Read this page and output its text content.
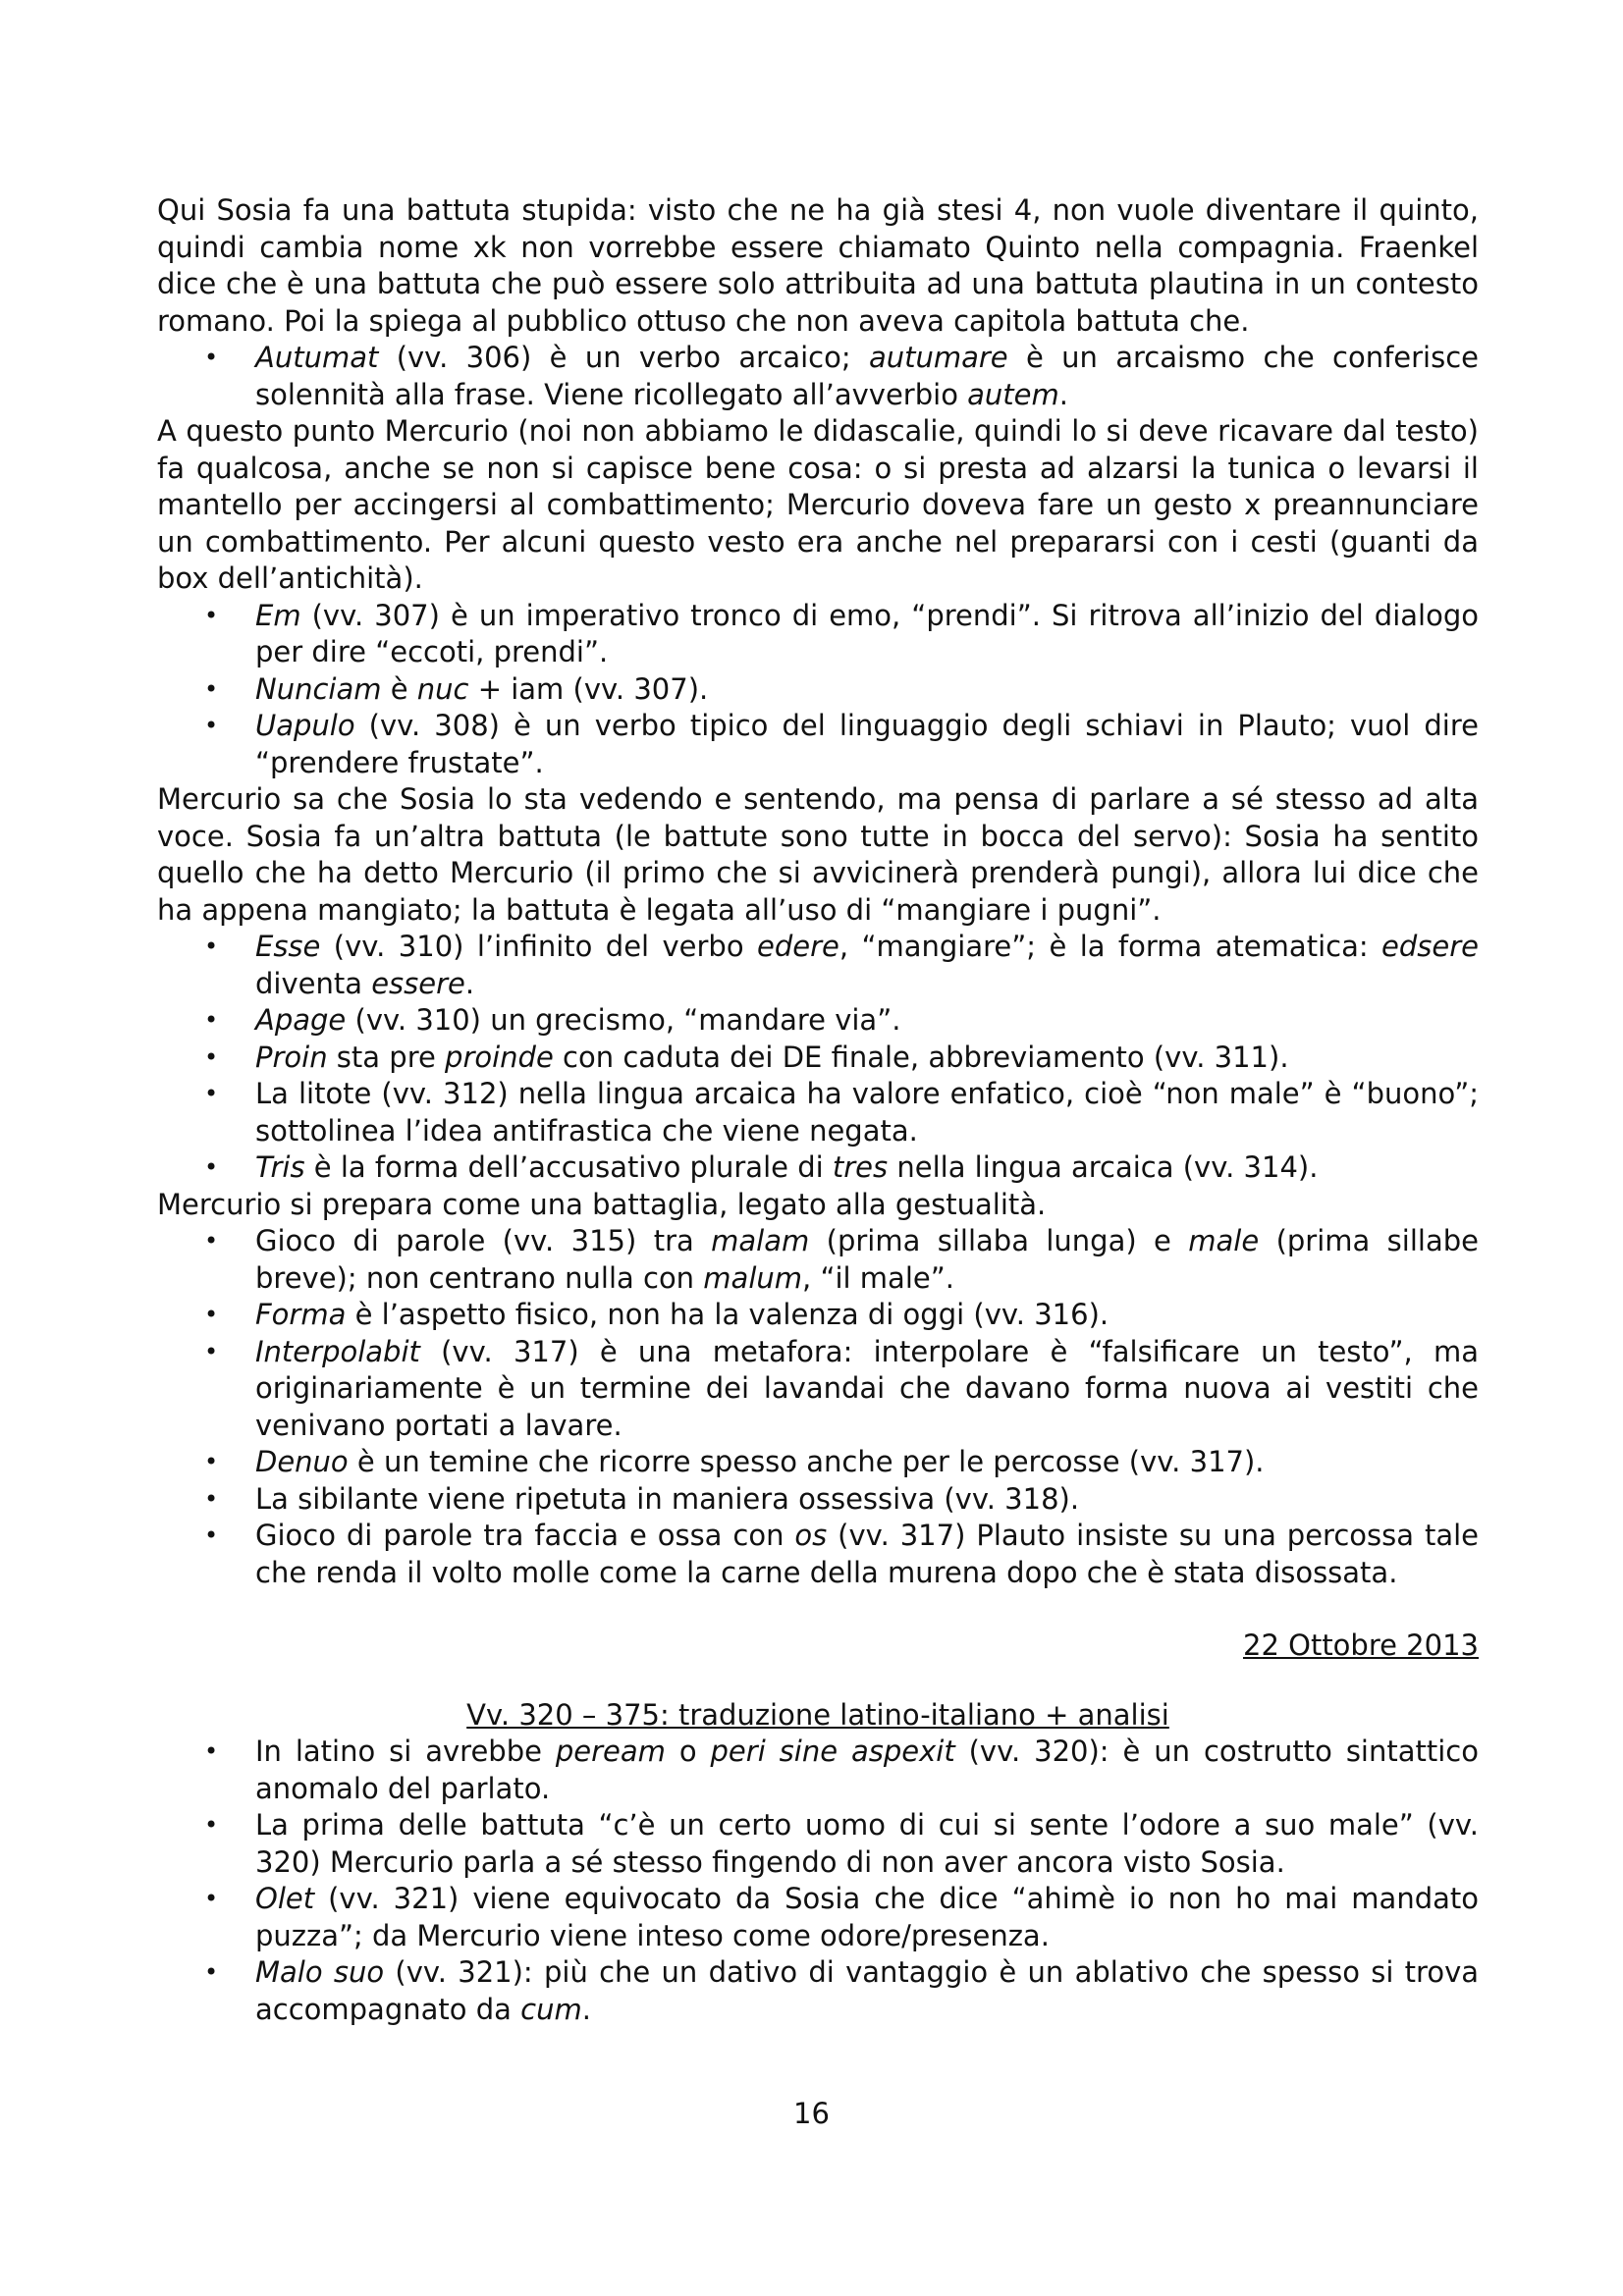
Qui Sosia fa una battuta stupida: visto che ne ha già stesi 4, non vuole diventare il quinto, quindi cambia nome xk non vorrebbe essere chiamato Quinto nella compagnia. Fraenkel dice che è una battuta che può essere solo attribuita ad una battuta plautina in un contesto romano. Poi la spiega al pubblico ottuso che non aveva capitola battuta che.

• Autumat (vv. 306) è un verbo arcaico; autumare è un arcaismo che conferisce solennità alla frase. Viene ricollegato all’avverbio autem.

A questo punto Mercurio (noi non abbiamo le didascalie, quindi lo si deve ricavare dal testo) fa qualcosa, anche se non si capisce bene cosa: o si presta ad alzarsi la tunica o levarsi il mantello per accingersi al combattimento; Mercurio doveva fare un gesto x preannunciare un combattimento. Per alcuni questo vesto era anche nel prepararsi con i cesti (guanti da box dell’antichità).

• Em (vv. 307) è un imperativo tronco di emo, “prendi”. Si ritrova all’inizio del dialogo per dire “eccoti, prendi”.
• Nunciam è nuc + iam (vv. 307).
• Uapulo (vv. 308) è un verbo tipico del linguaggio degli schiavi in Plauto; vuol dire “prendere frustate”.

Mercurio sa che Sosia lo sta vedendo e sentendo, ma pensa di parlare a sé stesso ad alta voce. Sosia fa un’altra battuta (le battute sono tutte in bocca del servo): Sosia ha sentito quello che ha detto Mercurio (il primo che si avvicinerà prenderà pungi), allora lui dice che ha appena mangiato; la battuta è legata all’uso di “mangiare i pugni”.

• Esse (vv. 310) l’infinito del verbo edere, “mangiare”; è la forma atematica: edsere diventa essere.
• Apage (vv. 310) un grecismo, “mandare via”.
• Proin sta pre proinde con caduta dei DE finale, abbreviamento (vv. 311).
• La litote (vv. 312) nella lingua arcaica ha valore enfatico, cioè “non male” è “buono”; sottolinea l’idea antifrastica che viene negata.
• Tris è la forma dell’accusativo plurale di tres nella lingua arcaica (vv. 314).

Mercurio si prepara come una battaglia, legato alla gestualità.

• Gioco di parole (vv. 315) tra malam (prima sillaba lunga) e male (prima sillabe breve); non centrano nulla con malum, “il male”.
• Forma è l’aspetto fisico, non ha la valenza di oggi (vv. 316).
• Interpolabit (vv. 317) è una metafora: interpolare è “falsificare un testo”, ma originariamente è un termine dei lavandai che davano forma nuova ai vestiti che venivano portati a lavare.
• Denuo è un temine che ricorre spesso anche per le percosse (vv. 317).
• La sibilante viene ripetuta in maniera ossessiva (vv. 318).
• Gioco di parole tra faccia e ossa con os (vv. 317) Plauto insiste su una percossa tale che renda il volto molle come la carne della murena dopo che è stata disossata.
22 Ottobre 2013
Vv. 320 – 375: traduzione latino-italiano + analisi
• In latino si avrebbe peream o peri sine aspexit (vv. 320): è un costrutto sintattico anomalo del parlato.
• La prima delle battuta “c’è un certo uomo di cui si sente l’odore a suo male” (vv. 320) Mercurio parla a sé stesso fingendo di non aver ancora visto Sosia.
• Olet (vv. 321) viene equivocato da Sosia che dice “ahimè io non ho mai mandato puzza”; da Mercurio viene inteso come odore/presenza.
• Malo suo (vv. 321): più che un dativo di vantaggio è un ablativo che spesso si trova accompagnato da cum.
16
